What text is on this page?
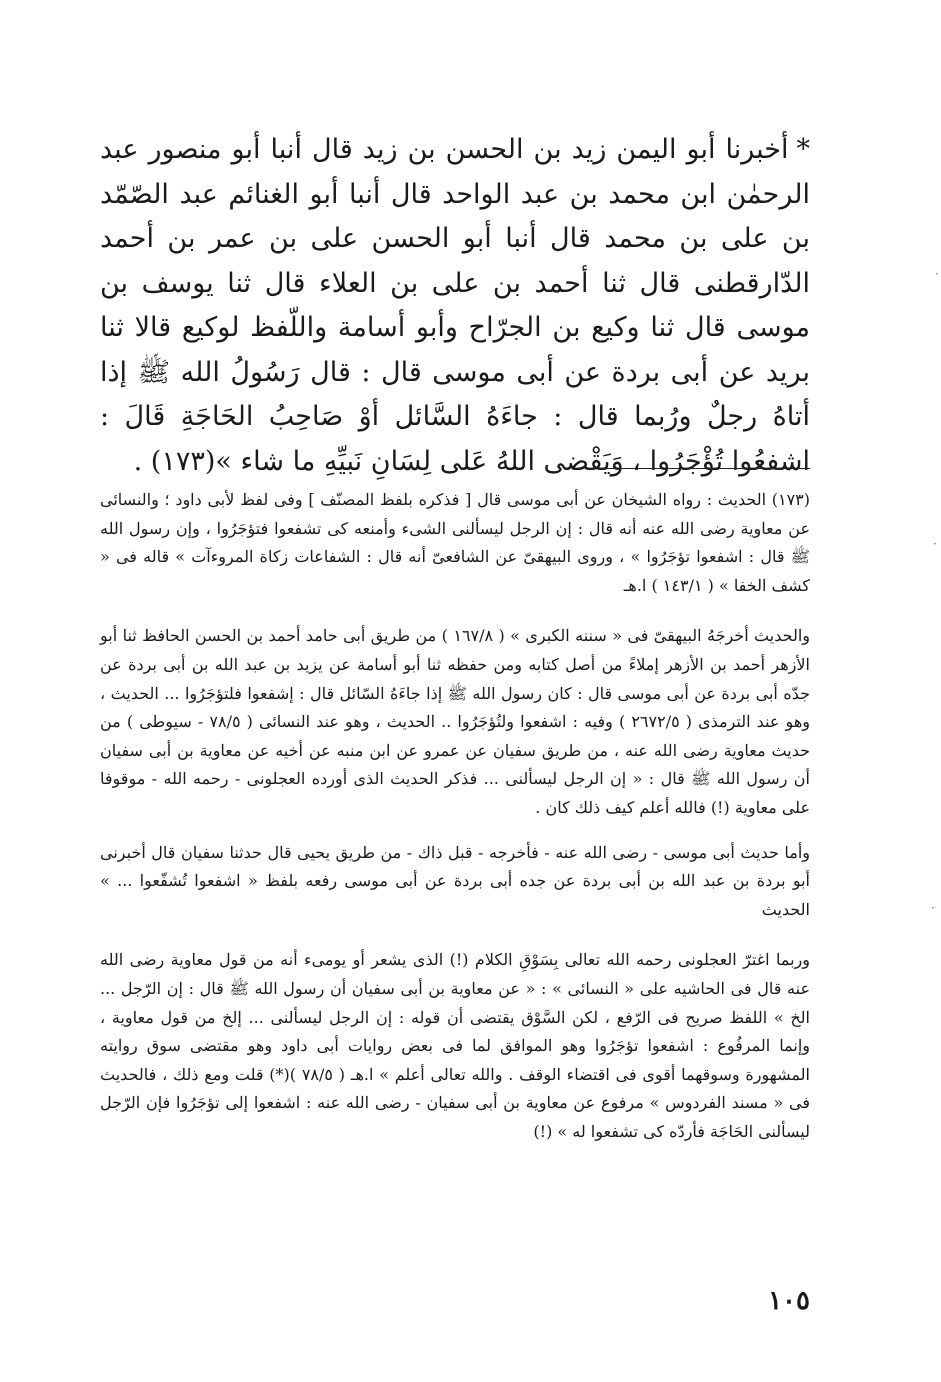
*أخبرنا أبو اليمن زيد بن الحسن بن زيد قال أنبا أبو منصور عبد الرحمٰن ابن محمد بن عبد الواحد قال أنبا أبو الغنائم عبد الصّمّد بن على بن محمد قال أنبا أبو الحسن على بن عمر بن أحمد الدّارقطنى قال ثنا أحمد بن على بن العلاء قال ثنا يوسف بن موسى قال ثنا وكيع بن الجرّاح وأبو أسامة واللّفظ لوكيع قالا ثنا بريد عن أبى بردة عن أبى موسى قال : قال رَسُولُ الله ﷺ إذا أتاهُ رجلٌ ورُبما قال : جاءَهُ السَّائل أوْ صَاحِبُ الحَاجَةِ قَالَ : اشفعُوا تُؤْجَرُوا ، وَيَقْضى اللهُ عَلى لِسَانِ نَبيِّهِ ما شاء »(١٧٣) .

(١٧٣) الحديث : رواه الشيخان عن أبى موسى قال [ فذكره بلفظ المصنّف ] وفى لفظ لأبى داود ؛ والنسائى عن معاوية رضى الله عنه أنه قال : إن الرجل ليسألنى الشىء وأمنعه كى تشفعوا فتؤجَرُوا ، وإن رسول الله ﷺ قال : اشفعوا تؤجَرُوا » ، وروى البيهقىّ عن الشافعىّ أنه قال : الشفاعات زكاة المروءآت » قاله فى « كشف الخفا » ( ١٤٣/١ ) ا.هـ

والحديث أخرجَهُ البيهقىّ فى « سننه الكبرى » ( ١٦٧/٨ ) من طريق أبى حامد أحمد بن الحسن الحافظ ثنا أبو الأزهر أحمد بن الأزهر إملاءً من أصل كتابه ومن حفظه ثنا أبو أسامة عن يزيد بن عبد الله بن أبى بردة عن جدّه أبى بردة عن أبى موسى قال : كان رسول الله ﷺ إذا جاءَهُ السّائل قال : إشفعوا فلتؤجَرُوا ... الحديث ، وهو عند الترمذى ( ٢٦٧٢/٥ ) وفيه : اشفعوا ولتُؤجَرُوا .. الحديث ، وهو عند النسائى ( ٧٨/٥ - سيوطى ) من حديث معاوية رضى الله عنه ، من طريق سفيان عن عمرو عن ابن منبه عن أخيه عن معاوية بن أبى سفيان أن رسول الله ﷺ قال : « إن الرجل ليسألنى ... فذكر الحديث الذى أورده العجلونى - رحمه الله - موقوفا على معاوية (!) فالله أعلم كيف ذلك كان .

وأما حديث أبى موسى - رضى الله عنه - فأخرجه - قبل ذاك - من طريق يحيى قال حدثنا سفيان قال أخبرنى أبو بردة بن عبد الله بن أبى بردة عن جده أبى بردة عن أبى موسى رفعه بلفظ « اشفعوا تُشفّعوا ... » الحديث

وربما اغترّ العجلونى رحمه الله تعالى بِسَوْقِ الكلام (!) الذى يشعر أو يومىء أنه من قول معاوية رضى الله عنه قال فى الحاشيه على « النسائى » : « عن معاوية بن أبى سفيان أن رسول الله ﷺ قال : إن الرّجل ... الخ » اللفظ صريح فى الرّفع ، لكن السَّوْق يقتضى أن قوله : إن الرجل ليسألنى ... إلخ من قول معاوية ، وإنما المرفُوع : اشفعوا تؤجَرُوا وهو الموافق لما فى بعض روايات أبى داود وهو مقتضى سوق روايته المشهورة وسوقهما أقوى فى اقتضاء الوقف . والله تعالى أعلم » ا.هـ ( ٧٨/٥ )(*) قلت ومع ذلك ، فالحديث فى « مسند الفردوس » مرفوع عن معاوية بن أبى سفيان - رضى الله عنه : اشفعوا إلى تؤجَرُوا فإن الرّجل ليسألنى الحَاجَة فأردّه كى تشفعوا له » (!)

١٠٥
·
·
·
